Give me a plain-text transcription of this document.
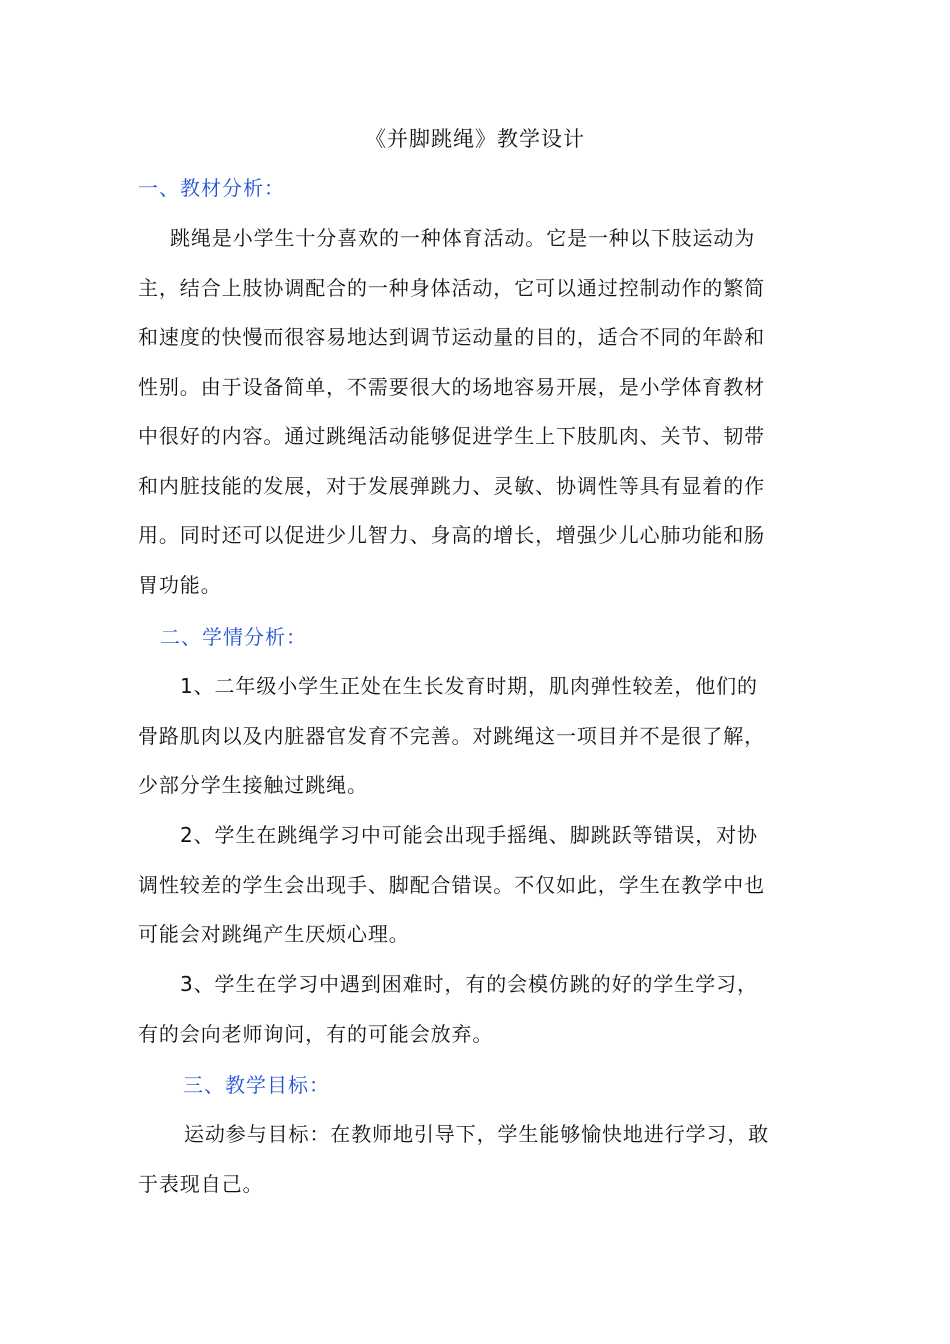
《并脚跳绳》教学设计
一、教材分析：
跳绳是小学生十分喜欢的一种体育活动。它是一种以下肢运动为
主，结合上肢协调配合的一种身体活动，它可以通过控制动作的繁简
和速度的快慢而很容易地达到调节运动量的目的，适合不同的年龄和
性别。由于设备简单，不需要很大的场地容易开展，是小学体育教材
中很好的内容。通过跳绳活动能够促进学生上下肢肌肉、关节、韧带
和内脏技能的发展，对于发展弹跳力、灵敏、协调性等具有显着的作
用。同时还可以促进少儿智力、身高的增长，增强少儿心肺功能和肠
胃功能。
二、学情分析：
1、二年级小学生正处在生长发育时期，肌肉弹性较差，他们的
骨路肌肉以及内脏器官发育不完善。对跳绳这一项目并不是很了解，
少部分学生接触过跳绳。
2、学生在跳绳学习中可能会出现手摇绳、脚跳跃等错误，对协
调性较差的学生会出现手、脚配合错误。不仅如此，学生在教学中也
可能会对跳绳产生厌烦心理。
3、学生在学习中遇到困难时，有的会模仿跳的好的学生学习，
有的会向老师询问，有的可能会放弃。
三、教学目标：
运动参与目标：在教师地引导下，学生能够愉快地进行学习，敢
于表现自己。
